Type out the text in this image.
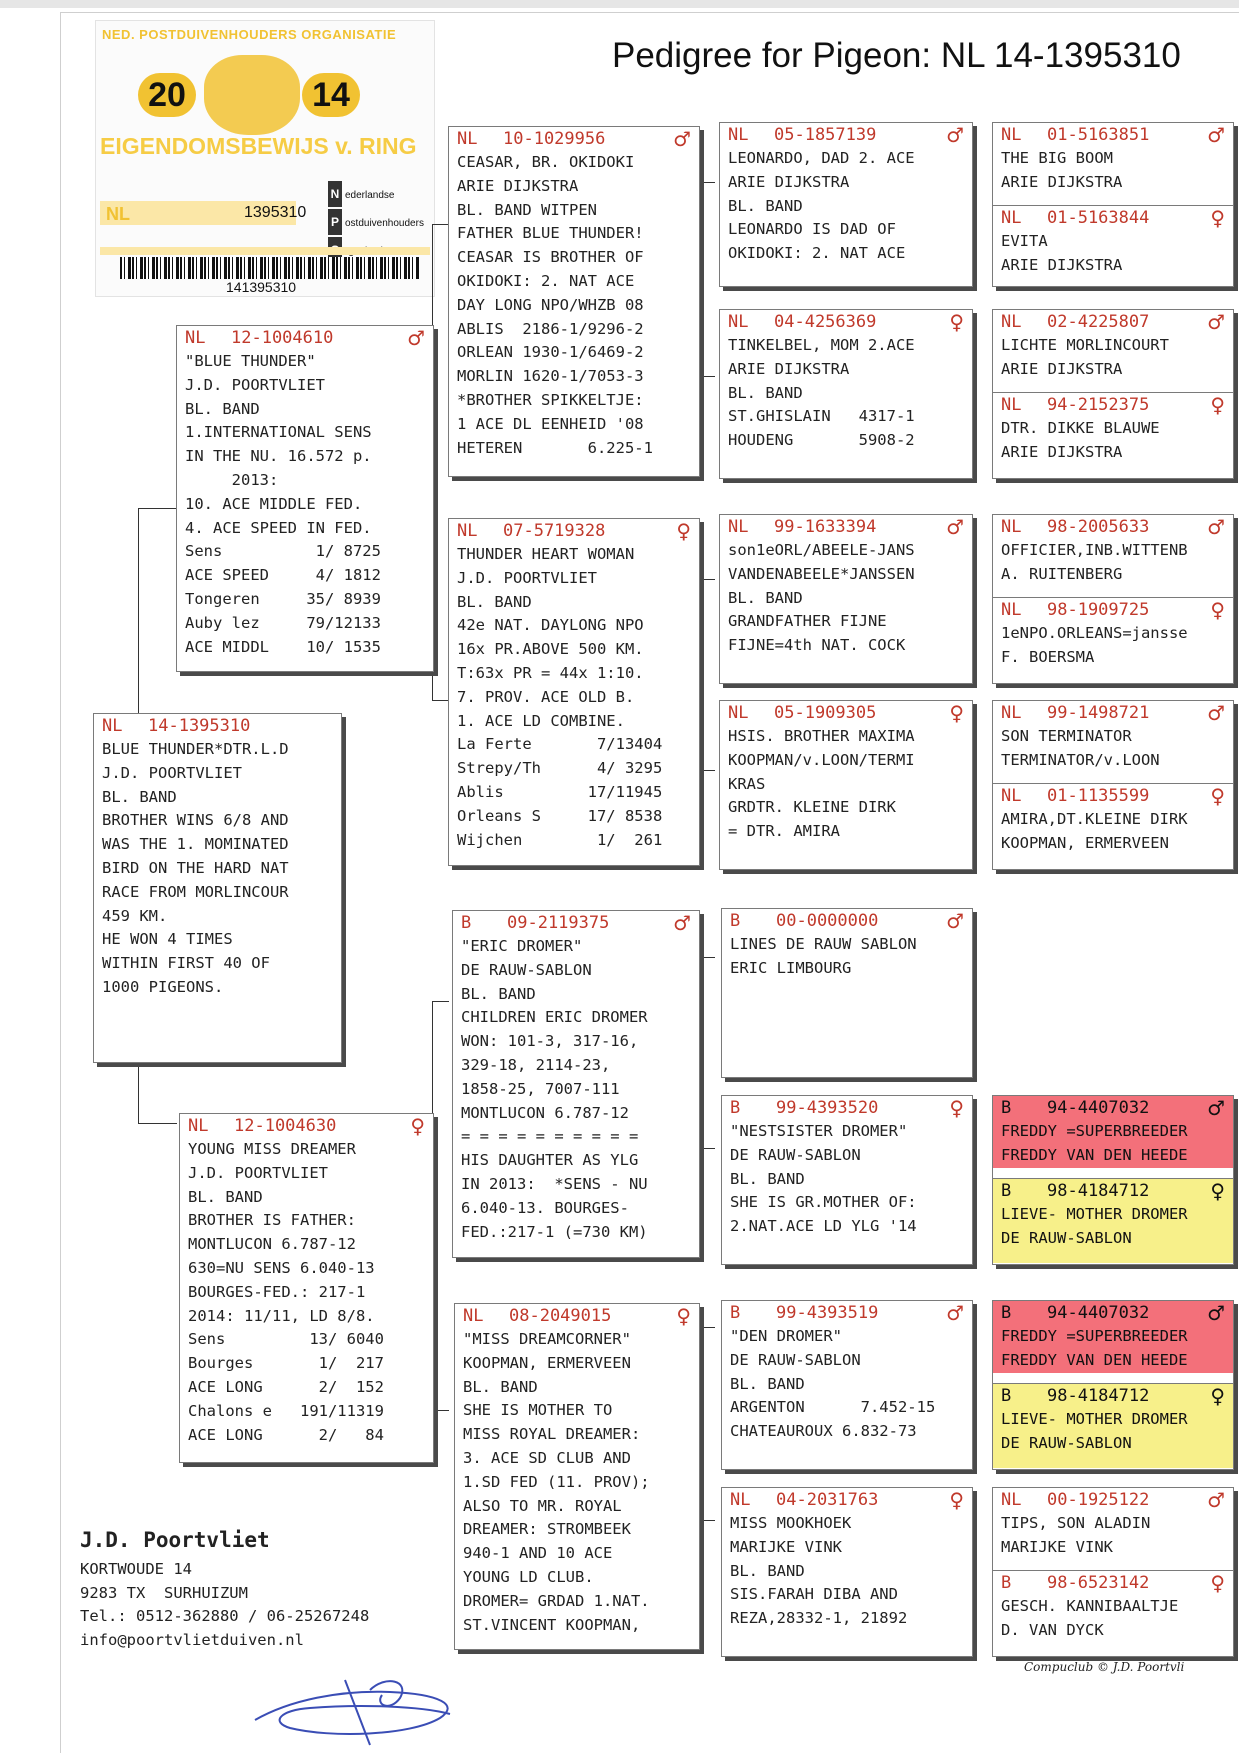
Pedigree for Pigeon: NL 14-1395310
NED. POSTDUIVENHOUDERS ORGANISATIE
20	14
EIGENDOMSBEWIJS v. RING
NL	1395310
N ederlandse
P ostduivenhouders
141395310
NL	14-1395310
BLUE THUNDER*DTR.L.D
J.D. POORTVLIET
BL. BAND
BROTHER WINS 6/8 AND
WAS THE 1. MOMINATED
BIRD ON THE HARD NAT
RACE FROM MORLINCOUR
459 KM.
HE WON 4 TIMES
WITHIN FIRST 40 OF
1000 PIGEONS.
NL	12-1004610	♂
"BLUE THUNDER"
J.D. POORTVLIET
BL. BAND
1.INTERNATIONAL SENS
IN THE NU. 16.572 p.
2013:
10. ACE MIDDLE FED.
4. ACE SPEED IN FED.
Sens          1/ 8725
ACE SPEED     4/ 1812
Tongeren     35/ 8939
Auby lez     79/12133
ACE MIDDL    10/ 1535
NL	12-1004630	♀
YOUNG MISS DREAMER
J.D. POORTVLIET
BL. BAND
BROTHER IS FATHER:
MONTLUCON 6.787-12
630=NU SENS 6.040-13
BOURGES-FED.: 217-1
2014: 11/11, LD 8/8.
Sens         13/ 6040
Bourges       1/  217
ACE LONG      2/  152
Chalons e   191/11319
ACE LONG      2/   84
NL	10-1029956	♂
CEASAR, BR. OKIDOKI
ARIE DIJKSTRA
BL. BAND WITPEN
FATHER BLUE THUNDER!
CEASAR IS BROTHER OF
OKIDOKI: 2. NAT ACE
DAY LONG NPO/WHZB 08
ABLIS  2186-1/9296-2
ORLEAN 1930-1/6469-2
MORLIN 1620-1/7053-3
*BROTHER SPIKKELTJE:
1 ACE DL EENHEID '08
HETEREN       6.225-1
NL	07-5719328	♀
THUNDER HEART WOMAN
J.D. POORTVLIET
BL. BAND
42e NAT. DAYLONG NPO
16x PR.ABOVE 500 KM.
T:63x PR = 44x 1:10.
7. PROV. ACE OLD B.
1. ACE LD COMBINE.
La Ferte       7/13404
Strepy/Th      4/ 3295
Ablis         17/11945
Orleans S     17/ 8538
Wijchen        1/  261
B	09-2119375	♂
"ERIC DROMER"
DE RAUW-SABLON
BL. BAND
CHILDREN ERIC DROMER
WON: 101-3, 317-16,
329-18, 2114-23,
1858-25, 7007-111
MONTLUCON 6.787-12
= = = = = = = = = =
HIS DAUGHTER AS YLG
IN 2013:  *SENS - NU
6.040-13. BOURGES-
FED.:217-1 (=730 KM)
NL	08-2049015	♀
"MISS DREAMCORNER"
KOOPMAN, ERMERVEEN
BL. BAND
SHE IS MOTHER TO
MISS ROYAL DREAMER:
3. ACE SD CLUB AND
1.SD FED (11. PROV);
ALSO TO MR. ROYAL
DREAMER: STROMBEEK
940-1 AND 10 ACE
YOUNG LD CLUB.
DROMER= GRDAD 1.NAT.
ST.VINCENT KOOPMAN,
NL	05-1857139	♂
LEONARDO, DAD 2. ACE
ARIE DIJKSTRA
BL. BAND
LEONARDO IS DAD OF
OKIDOKI: 2. NAT ACE
NL	04-4256369	♀
TINKELBEL, MOM 2.ACE
ARIE DIJKSTRA
BL. BAND
ST.GHISLAIN   4317-1
HOUDENG       5908-2
NL	99-1633394	♂
son1eORL/ABEELE-JANS
VANDENABEELE*JANSSEN
BL. BAND
GRANDFATHER FIJNE
FIJNE=4th NAT. COCK
NL	05-1909305	♀
HSIS. BROTHER MAXIMA
KOOPMAN/v.LOON/TERMI
KRAS
GRDTR. KLEINE DIRK
= DTR. AMIRA
B	00-0000000	♂
LINES DE RAUW SABLON
ERIC LIMBOURG
B	99-4393520	♀
"NESTSISTER DROMER"
DE RAUW-SABLON
BL. BAND
SHE IS GR.MOTHER OF:
2.NAT.ACE LD YLG '14
B	99-4393519	♂
"DEN DROMER"
DE RAUW-SABLON
BL. BAND
ARGENTON      7.452-15
CHATEAUROUX 6.832-73
NL	04-2031763	♀
MISS MOOKHOEK
MARIJKE VINK
BL. BAND
SIS.FARAH DIBA AND
REZA,28332-1, 21892
NL	01-5163851	♂
THE BIG BOOM
ARIE DIJKSTRA
NL	01-5163844	♀
EVITA
ARIE DIJKSTRA
NL	02-4225807	♂
LICHTE MORLINCOURT
ARIE DIJKSTRA
NL	94-2152375	♀
DTR. DIKKE BLAUWE
ARIE DIJKSTRA
NL	98-2005633	♂
OFFICIER,INB.WITTENB
A. RUITENBERG
NL	98-1909725	♀
1eNPO.ORLEANS=jansse
F. BOERSMA
NL	99-1498721	♂
SON TERMINATOR
TERMINATOR/v.LOON
NL	01-1135599	♀
AMIRA,DT.KLEINE DIRK
KOOPMAN, ERMERVEEN
B	94-4407032	♂
FREDDY =SUPERBREEDER
FREDDY VAN DEN HEEDE
B	98-4184712	♀
LIEVE- MOTHER DROMER
DE RAUW-SABLON
B	94-4407032	♂
FREDDY =SUPERBREEDER
FREDDY VAN DEN HEEDE
B	98-4184712	♀
LIEVE- MOTHER DROMER
DE RAUW-SABLON
NL	00-1925122	♂
TIPS, SON ALADIN
MARIJKE VINK
B	98-6523142	♀
GESCH. KANNIBAALTJE
D. VAN DYCK
J.D. Poortvliet
KORTWOUDE 14
9283 TX  SURHUIZUM
Tel.: 0512-362880 / 06-25267248
info@poortvlietduiven.nl
Compuclub © J.D. Poortvli
